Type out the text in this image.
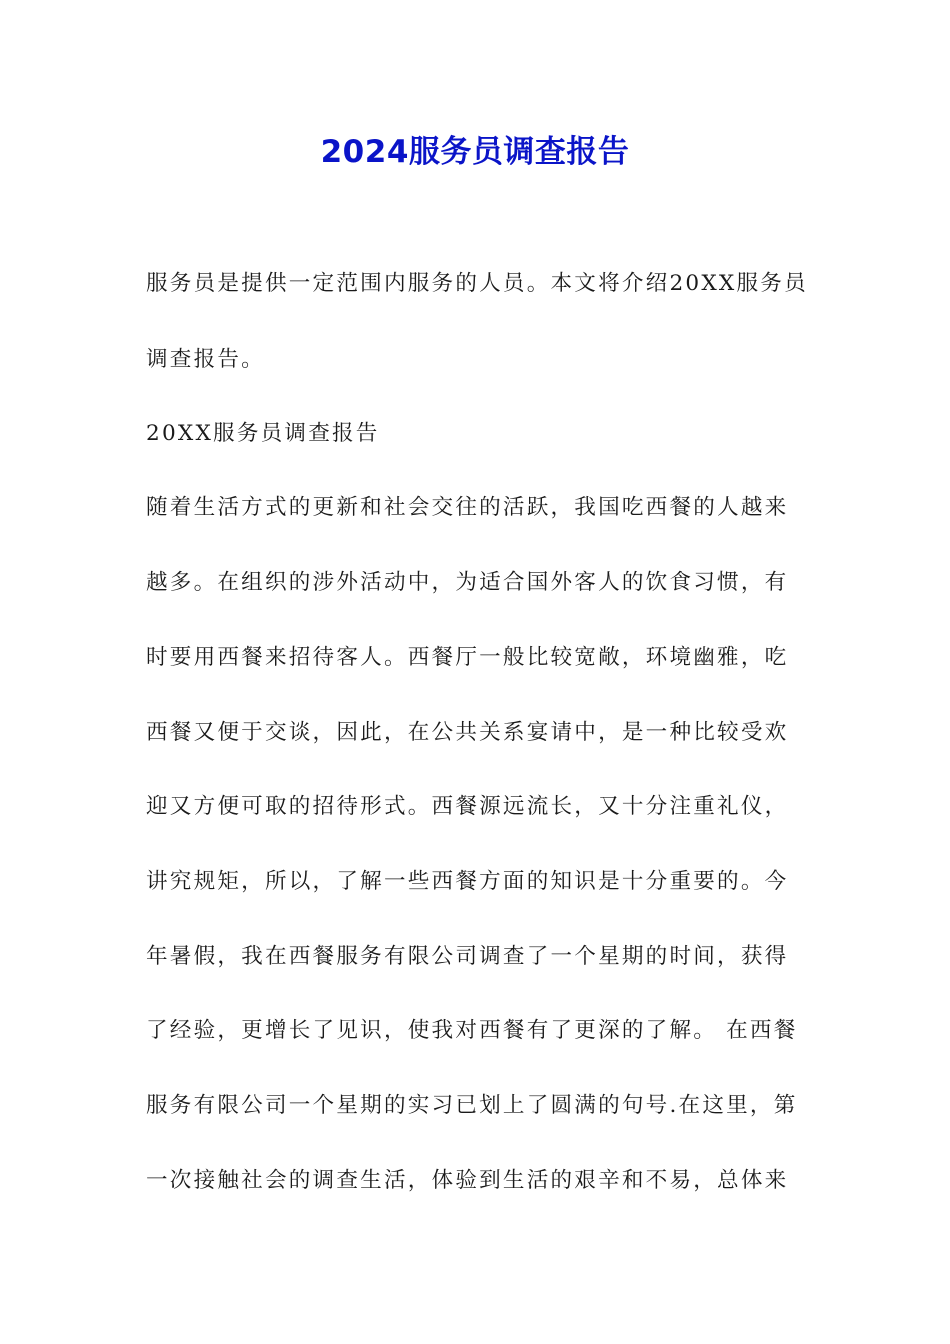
2024服务员调查报告
服务员是提供一定范围内服务的人员。本文将介绍20XX服务员
调查报告。
20XX服务员调查报告
随着生活方式的更新和社会交往的活跃，我国吃西餐的人越来
越多。在组织的涉外活动中，为适合国外客人的饮食习惯，有
时要用西餐来招待客人。西餐厅一般比较宽敞，环境幽雅，吃
西餐又便于交谈，因此，在公共关系宴请中，是一种比较受欢
迎又方便可取的招待形式。西餐源远流长，又十分注重礼仪，
讲究规矩，所以，了解一些西餐方面的知识是十分重要的。今
年暑假，我在西餐服务有限公司调查了一个星期的时间，获得
了经验，更增长了见识，使我对西餐有了更深的了解。 在西餐
服务有限公司一个星期的实习已划上了圆满的句号.在这里，第
一次接触社会的调查生活，体验到生活的艰辛和不易，总体来
